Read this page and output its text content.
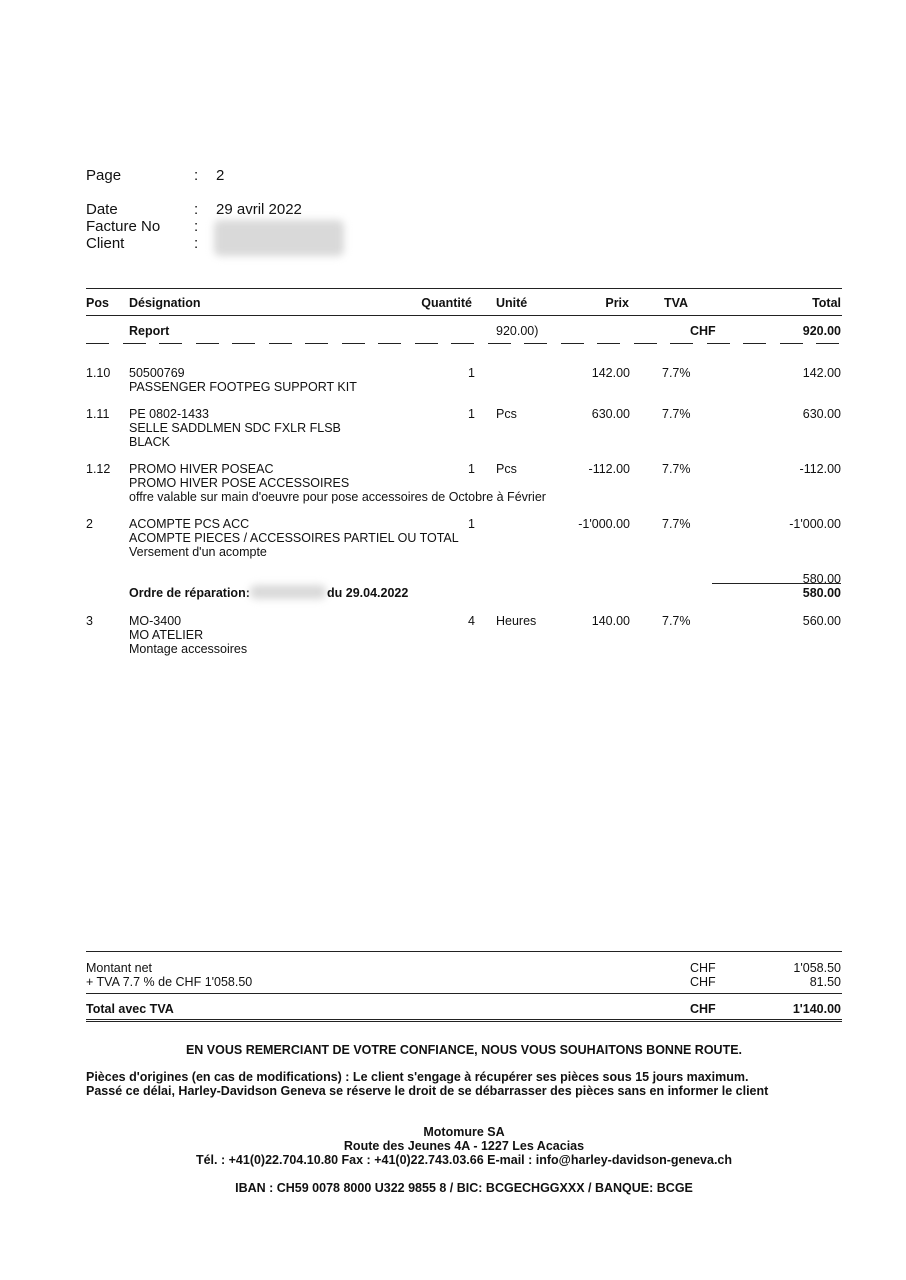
Page	: 2
Date	: 29 avril 2022
Facture No :
Client	:
Pos Désignation	Quantité Unité	Prix	TVA	Total
Report	920.00)	CHF	920.00
1.10 50500769
PASSENGER FOOTPEG SUPPORT KIT
1	142.00	7.7%	142.00
1.11 PE 0802-1433
SELLE SADDLMEN SDC FXLR FLSB
BLACK
1 Pcs	630.00	7.7%	630.00
1.12 PROMO HIVER POSEAC
PROMO HIVER POSE ACCESSOIRES
offre valable sur main d'oeuvre pour pose accessoires de Octobre à Février
1 Pcs	-112.00	7.7%	-112.00
2	ACOMPTE PCS ACC
ACOMPTE PIECES / ACCESSOIRES PARTIEL OU TOTAL
Versement d'un acompte
1	-1'000.00	7.7%	-1'000.00
580.00
Ordre de réparation:	du 29.04.2022	580.00
3	MO-3400
MO ATELIER
Montage accessoires
4 Heures	140.00	7.7%	560.00
Montant net	CHF	1'058.50
+ TVA 7.7 % de CHF 1'058.50	CHF	81.50
Total avec TVA	CHF	1'140.00
EN VOUS REMERCIANT DE VOTRE CONFIANCE, NOUS VOUS SOUHAITONS BONNE ROUTE.
Pièces d'origines (en cas de modifications) : Le client s'engage à récupérer ses pièces sous 15 jours maximum.
Passé ce délai, Harley-Davidson Geneva se réserve le droit de se débarrasser des pièces sans en informer le client
Motomure SA
Route des Jeunes 4A - 1227 Les Acacias
Tél. : +41(0)22.704.10.80 Fax : +41(0)22.743.03.66 E-mail : info@harley-davidson-geneva.ch
IBAN : CH59 0078 8000 U322 9855 8 / BIC: BCGECHGGXXX / BANQUE: BCGE
